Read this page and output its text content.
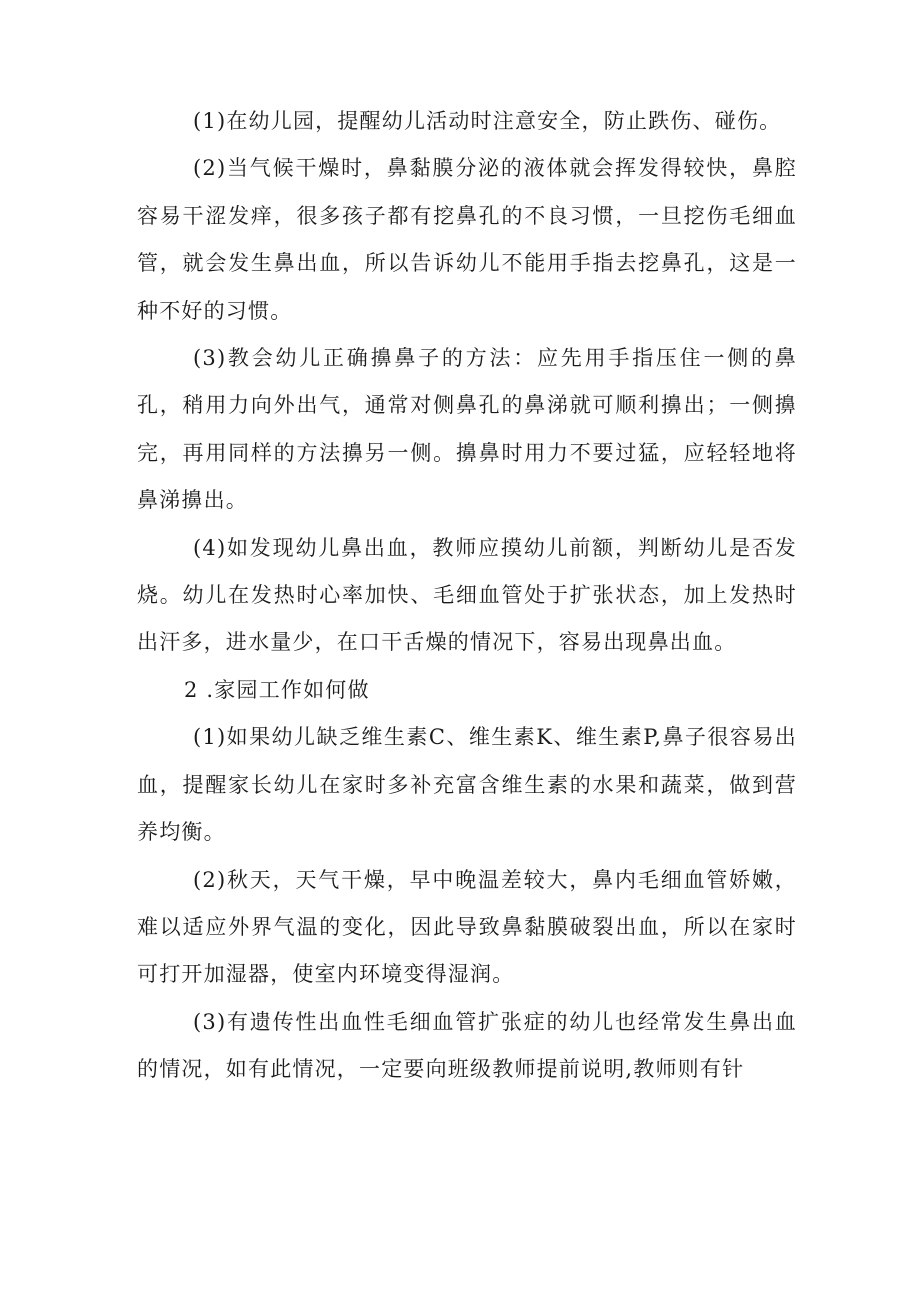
(1)在幼儿园，提醒幼儿活动时注意安全，防止跌伤、碰伤。

(2)当气候干燥时，鼻黏膜分泌的液体就会挥发得较快，鼻腔容易干涩发痒，很多孩子都有挖鼻孔的不良习惯，一旦挖伤毛细血管，就会发生鼻出血，所以告诉幼儿不能用手指去挖鼻孔，这是一种不好的习惯。

(3)教会幼儿正确擤鼻子的方法：应先用手指压住一侧的鼻孔，稍用力向外出气，通常对侧鼻孔的鼻涕就可顺利擤出；一侧擤完，再用同样的方法擤另一侧。擤鼻时用力不要过猛，应轻轻地将鼻涕擤出。

(4)如发现幼儿鼻出血，教师应摸幼儿前额，判断幼儿是否发烧。幼儿在发热时心率加快、毛细血管处于扩张状态，加上发热时出汗多，进水量少，在口干舌燥的情况下，容易出现鼻出血。

2 .家园工作如何做

(1)如果幼儿缺乏维生素C、维生素K、维生素P,鼻子很容易出血，提醒家长幼儿在家时多补充富含维生素的水果和蔬菜，做到营养均衡。

(2)秋天，天气干燥，早中晚温差较大，鼻内毛细血管娇嫩，难以适应外界气温的变化，因此导致鼻黏膜破裂出血，所以在家时可打开加湿器，使室内环境变得湿润。

(3)有遗传性出血性毛细血管扩张症的幼儿也经常发生鼻出血的情况，如有此情况，一定要向班级教师提前说明,教师则有针
